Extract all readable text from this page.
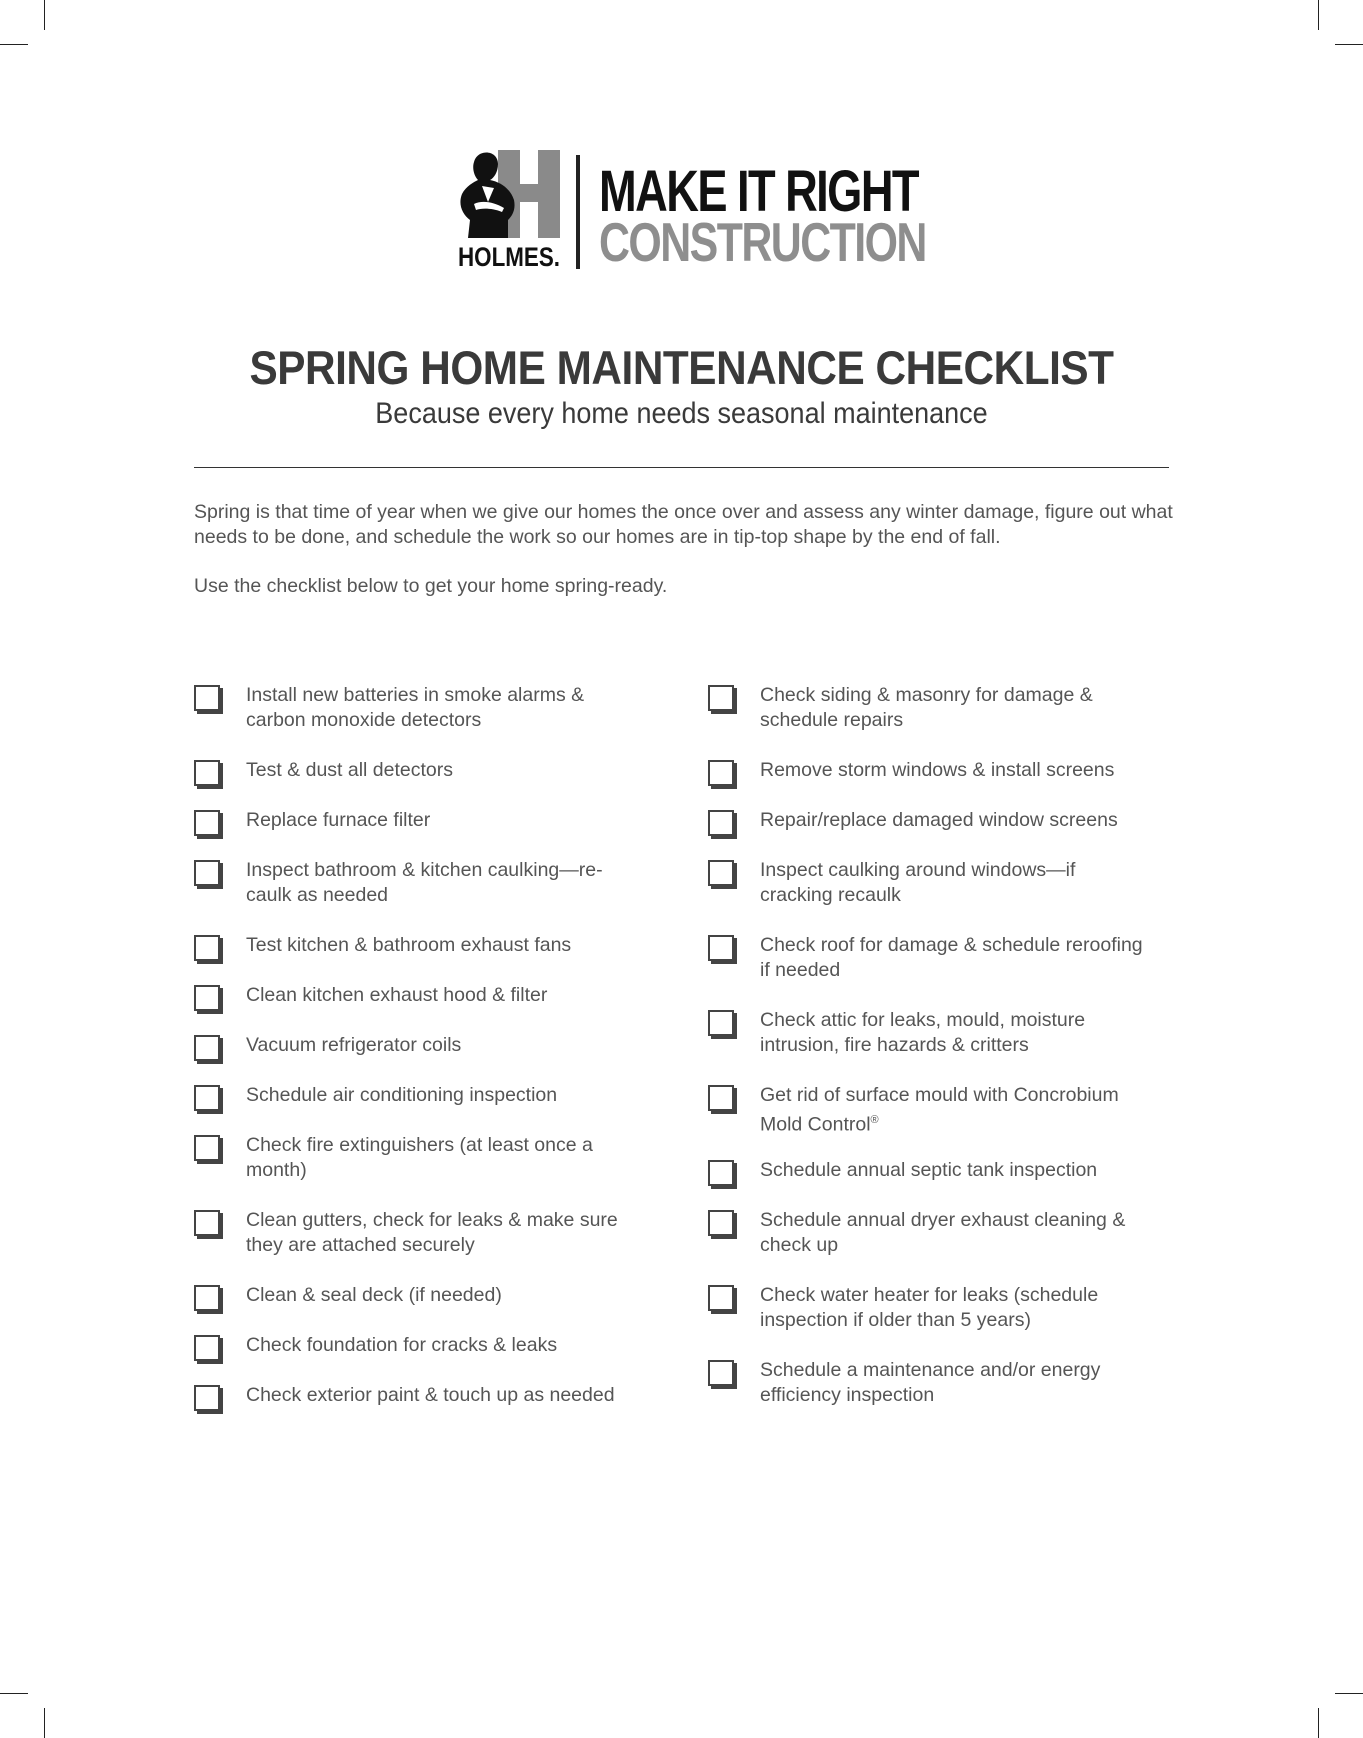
HOLMES.
MAKE IT RIGHT
CONSTRUCTION
SPRING HOME MAINTENANCE CHECKLIST
Because every home needs seasonal maintenance

Spring is that time of year when we give our homes the once over and assess any winter damage, figure out what needs to be done, and schedule the work so our homes are in tip-top shape by the end of fall.

Use the checklist below to get your home spring-ready.

Install new batteries in smoke alarms & carbon monoxide detectors
Test & dust all detectors
Replace furnace filter
Inspect bathroom & kitchen caulking—re-caulk as needed
Test kitchen & bathroom exhaust fans
Clean kitchen exhaust hood & filter
Vacuum refrigerator coils
Schedule air conditioning inspection
Check fire extinguishers (at least once a month)
Clean gutters, check for leaks & make sure they are attached securely
Clean & seal deck (if needed)
Check foundation for cracks & leaks
Check exterior paint & touch up as needed
Check siding & masonry for damage & schedule repairs
Remove storm windows & install screens
Repair/replace damaged window screens
Inspect caulking around windows—if cracking recaulk
Check roof for damage & schedule reroofing if needed
Check attic for leaks, mould, moisture intrusion, fire hazards & critters
Get rid of surface mould with Concrobium Mold Control®
Schedule annual septic tank inspection
Schedule annual dryer exhaust cleaning & check up
Check water heater for leaks (schedule inspection if older than 5 years)
Schedule a maintenance and/or energy efficiency inspection
